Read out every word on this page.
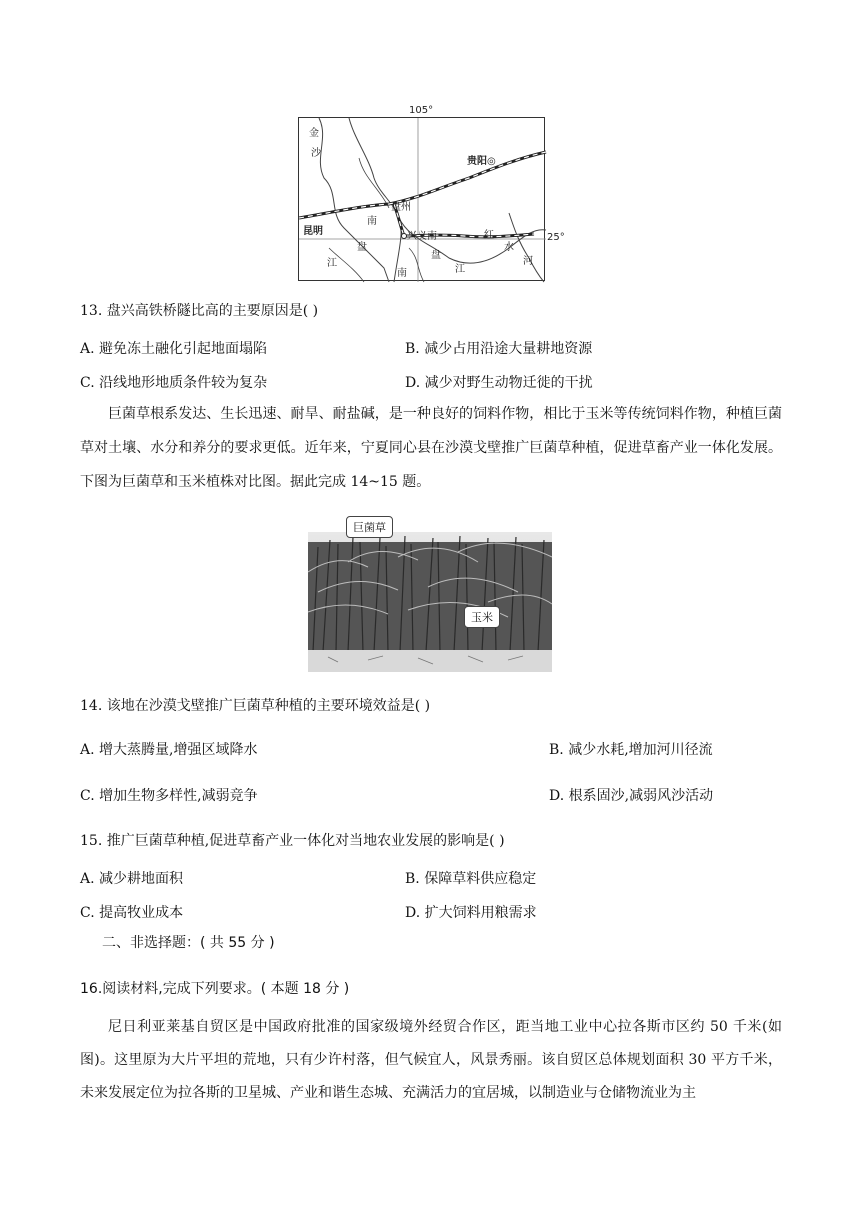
105°
金
沙
贵阳◎
昆明
盘州
兴义南
南
盘
江
南
盘
江
红
水
河
25°
13. 盘兴高铁桥隧比高的主要原因是( )
A. 避免冻土融化引起地面塌陷	B. 减少占用沿途大量耕地资源
C. 沿线地形地质条件较为复杂	D. 减少对野生动物迁徙的干扰
巨菌草根系发达、生长迅速、耐旱、耐盐碱，是一种良好的饲料作物，相比于玉米等传统饲料作物，种植巨菌草对土壤、水分和养分的要求更低。近年来，宁夏同心县在沙漠戈壁推广巨菌草种植，促进草畜产业一体化发展。下图为巨菌草和玉米植株对比图。据此完成 14~15 题。
巨菌草
玉米
14. 该地在沙漠戈壁推广巨菌草种植的主要环境效益是( )
A. 增大蒸腾量,增强区域降水	B. 减少水耗,增加河川径流
C. 增加生物多样性,减弱竞争	D. 根系固沙,减弱风沙活动
15. 推广巨菌草种植,促进草畜产业一体化对当地农业发展的影响是( )
A. 减少耕地面积	B. 保障草料供应稳定
C. 提高牧业成本	D. 扩大饲料用粮需求
二、非选择题：( 共 55 分 )
16.阅读材料,完成下列要求。( 本题 18 分 )
尼日利亚莱基自贸区是中国政府批准的国家级境外经贸合作区，距当地工业中心拉各斯市区约 50 千米(如图)。这里原为大片平坦的荒地，只有少许村落，但气候宜人，风景秀丽。该自贸区总体规划面积 30 平方千米，未来发展定位为拉各斯的卫星城、产业和谐生态城、充满活力的宜居城，以制造业与仓储物流业为主
